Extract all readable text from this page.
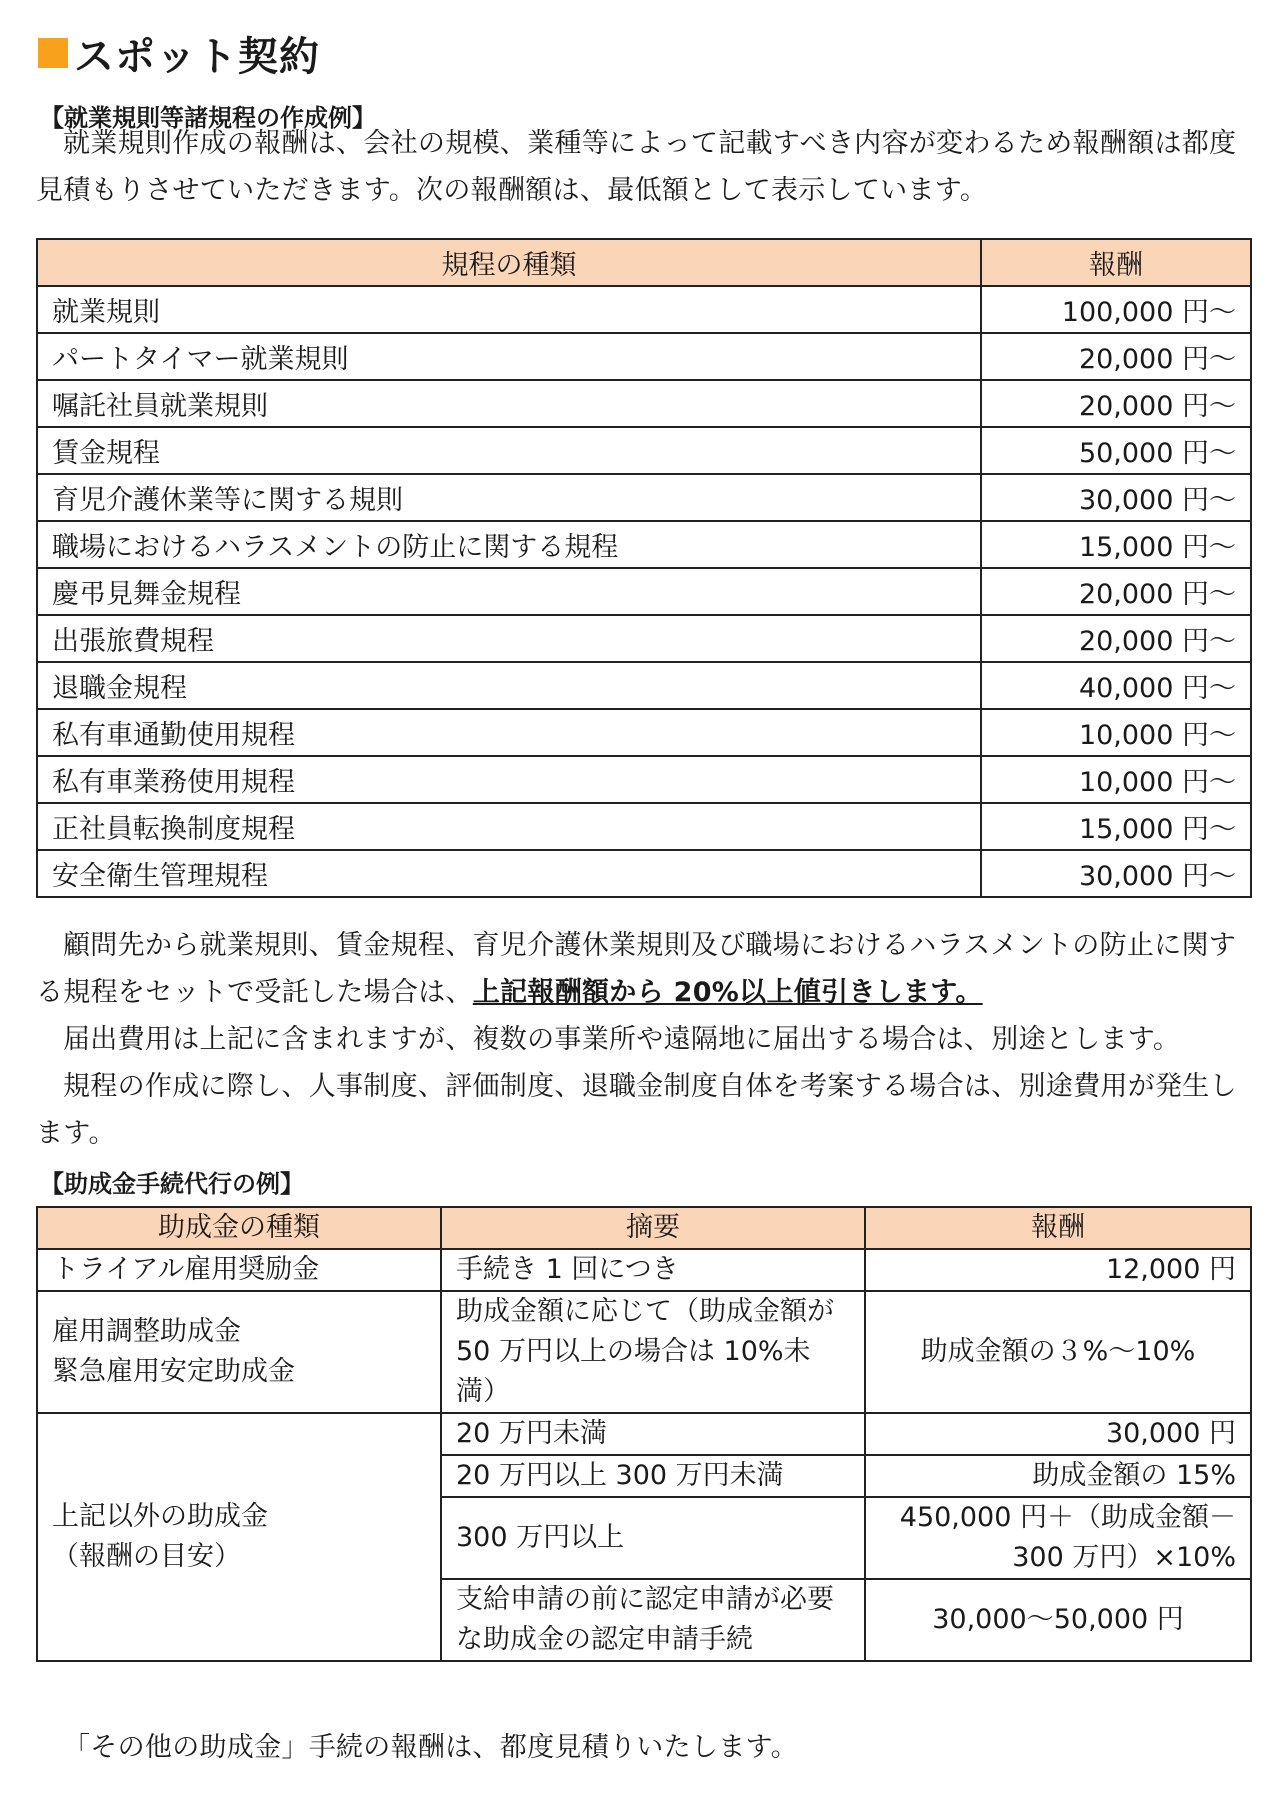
スポット契約
【就業規則等諸規程の作成例】
就業規則作成の報酬は、会社の規模、業種等によって記載すべき内容が変わるため報酬額は都度見積もりさせていただきます。次の報酬額は、最低額として表示しています。
規程の種類	報酬
就業規則	100,000 円～
パートタイマー就業規則	20,000 円～
嘱託社員就業規則	20,000 円～
賃金規程	50,000 円～
育児介護休業等に関する規則	30,000 円～
職場におけるハラスメントの防止に関する規程	15,000 円～
慶弔見舞金規程	20,000 円～
出張旅費規程	20,000 円～
退職金規程	40,000 円～
私有車通勤使用規程	10,000 円～
私有車業務使用規程	10,000 円～
正社員転換制度規程	15,000 円～
安全衛生管理規程	30,000 円～
顧問先から就業規則、賃金規程、育児介護休業規則及び職場におけるハラスメントの防止に関する規程をセットで受託した場合は、上記報酬額から 20%以上値引きします。
届出費用は上記に含まれますが、複数の事業所や遠隔地に届出する場合は、別途とします。
規程の作成に際し、人事制度、評価制度、退職金制度自体を考案する場合は、別途費用が発生します。
【助成金手続代行の例】
助成金の種類	摘要	報酬
トライアル雇用奨励金	手続き 1 回につき	12,000 円

雇用調整助成金
緊急雇用安定助成金	助成金額に応じて（助成金額が 50 万円以上の場合は 10%未満）	助成金額の３%～10%

上記以外の助成金
（報酬の目安）	20 万円未満	30,000 円
	20 万円以上 300 万円未満	助成金額の 15%
	300 万円以上	450,000 円＋（助成金額－300 万円）×10%
	支給申請の前に認定申請が必要な助成金の認定申請手続	30,000～50,000 円
「その他の助成金」手続の報酬は、都度見積りいたします。
